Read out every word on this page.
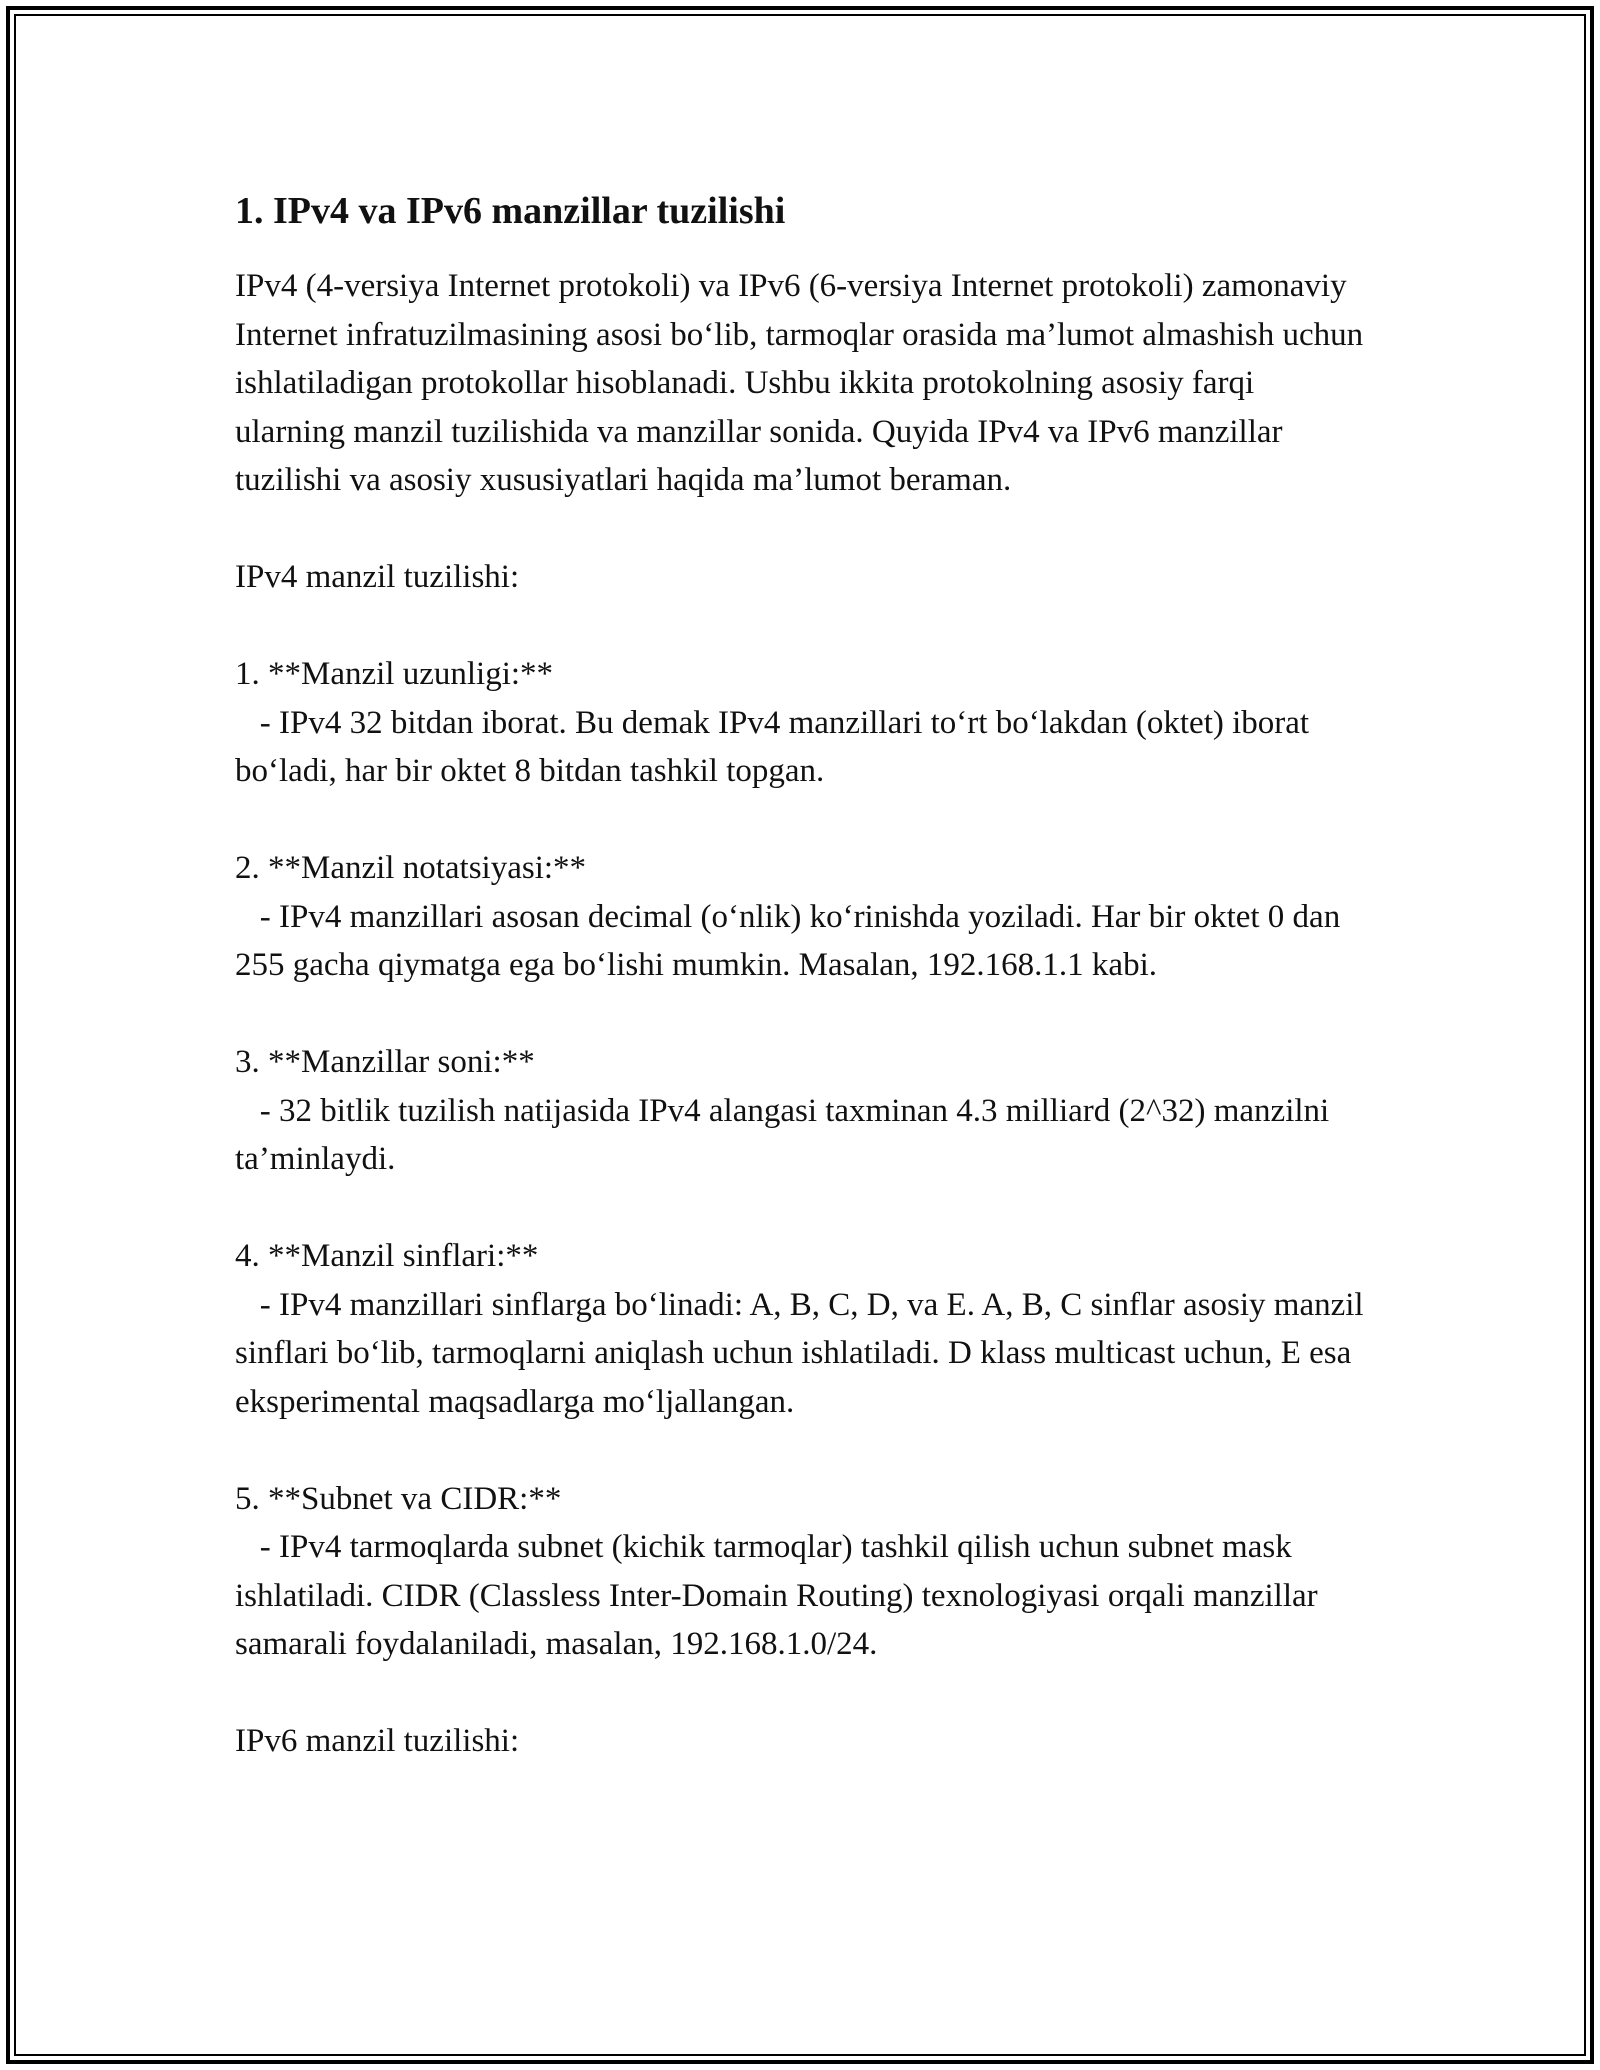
1. IPv4 va IPv6 manzillar tuzilishi

IPv4 (4-versiya Internet protokoli) va IPv6 (6-versiya Internet protokoli) zamonaviy Internet infratuzilmasining asosi bo‘lib, tarmoqlar orasida ma’lumot almashish uchun ishlatiladigan protokollar hisoblanadi. Ushbu ikkita protokolning asosiy farqi ularning manzil tuzilishida va manzillar sonida. Quyida IPv4 va IPv6 manzillar tuzilishi va asosiy xususiyatlari haqida ma’lumot beraman.

IPv4 manzil tuzilishi:

1. **Manzil uzunligi:**

- IPv4 32 bitdan iborat. Bu demak IPv4 manzillari to‘rt bo‘lakdan (oktet) iborat bo‘ladi, har bir oktet 8 bitdan tashkil topgan.

2. **Manzil notatsiyasi:**

- IPv4 manzillari asosan decimal (o‘nlik) ko‘rinishda yoziladi. Har bir oktet 0 dan 255 gacha qiymatga ega bo‘lishi mumkin. Masalan, 192.168.1.1 kabi.

3. **Manzillar soni:**

- 32 bitlik tuzilish natijasida IPv4 alangasi taxminan 4.3 milliard (2^32) manzilni ta’minlaydi.

4. **Manzil sinflari:**

- IPv4 manzillari sinflarga bo‘linadi: A, B, C, D, va E. A, B, C sinflar asosiy manzil sinflari bo‘lib, tarmoqlarni aniqlash uchun ishlatiladi. D klass multicast uchun, E esa eksperimental maqsadlarga mo‘ljallangan.

5. **Subnet va CIDR:**

- IPv4 tarmoqlarda subnet (kichik tarmoqlar) tashkil qilish uchun subnet mask ishlatiladi. CIDR (Classless Inter-Domain Routing) texnologiyasi orqali manzillar samarali foydalaniladi, masalan, 192.168.1.0/24.

IPv6 manzil tuzilishi:
